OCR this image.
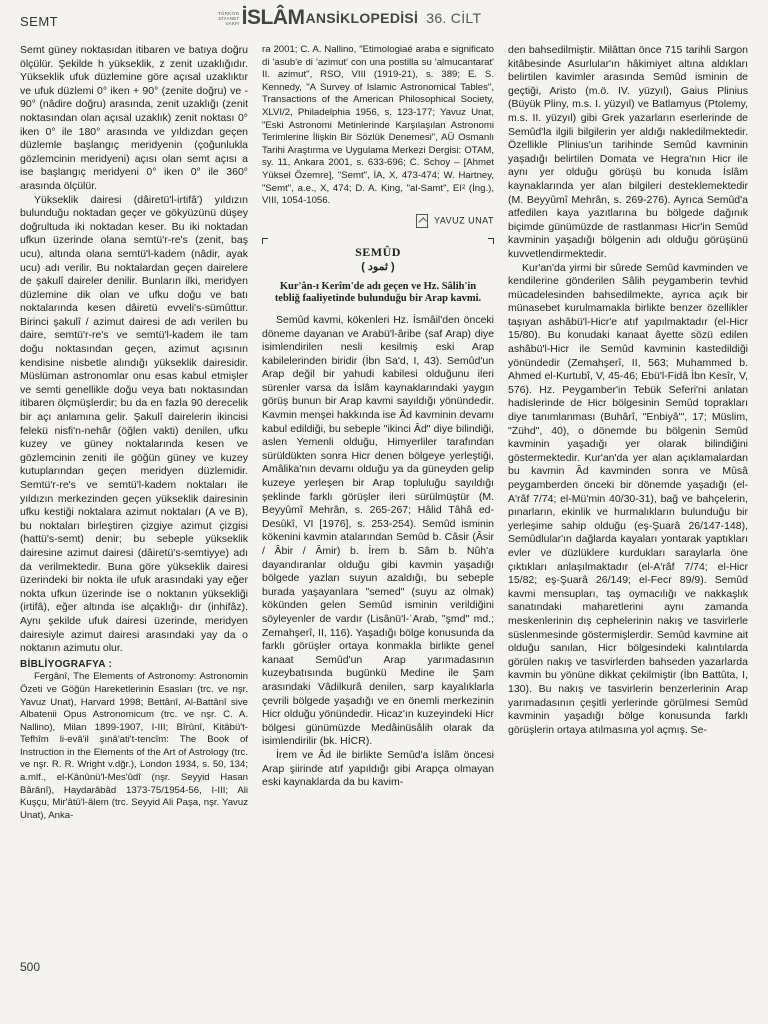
SEMT
TÜRKİYE
DİYANET
VAKFI İSLÂM ANSİKLOPEDİSİ 36. CİLT

Semt güney noktasıdan itibaren ve batıya doğru ölçülür. Şekilde h yükseklik, z zenit uzaklığıdır. Yükseklik ufuk düzlemine göre açısal uzaklıktır ve ufuk düzlemi 0° iken + 90° (zenite doğru) ve - 90° (nâdire doğru) arasında, zenit uzaklığı (zenit noktasından olan açısal uzaklık) zenit noktası 0° iken 0° ile 180° arasında ve yıldızdan geçen düzlemle başlangıç meridyenin (çoğunlukla gözlemcinin meridyeni) açısı olan semt açısı a ise başlangıç meridyeni 0° iken 0° ile 360° arasında ölçülür.

Yükseklik dairesi (dâiretü'l-irtifâ') yıldızın bulunduğu noktadan geçer ve gökyüzünü düşey doğrultuda iki noktadan keser. Bu iki noktadan ufkun üzerinde olana semtü'r-re's (zenit, baş ucu), altında olana semtü'l-kadem (nâdir, ayak ucu) adı verilir. Bu noktalardan geçen dairelere de şakulî daireler denilir. Bunların ilki, meridyen düzlemine dik olan ve ufku doğu ve batı noktalarında kesen dâiretü evveli's-sümûttur. Birinci şakulî / azimut dairesi de adı verilen bu daire, semtü'r-re's ve semtü'l-kadem ile tam doğu noktasından geçen, azimut açısının kendisine nisbetle alındığı yükseklik dairesidir. Müslüman astronomlar onu esas kabul etmişler ve semti genellikle doğu veya batı noktasından itibaren ölçmüşlerdir; bu da en fazla 90 derecelik bir açı anlamına gelir. Şakulî dairelerin ikincisi felekü nisfi'n-nehâr (öğlen vakti) denilen, ufku kuzey ve güney noktalarında kesen ve gözlemcinin zeniti ile göğün güney ve kuzey kutuplarından geçen meridyen düzlemidir. Semtü'r-re's ve semtü'l-kadem noktaları ile yıldızın merkezinden geçen yükseklik dairesinin ufku kestiği noktalara azimut noktaları (A ve B), bu noktaları birleştiren çizgiye azimut çizgisi (hattü's-semt) denir; bu sebeple yükseklik dairesine azimut dairesi (dâiretü's-semtiyye) adı da verilmektedir. Buna göre yükseklik dairesi üzerindeki bir nokta ile ufuk arasındaki yay eğer nokta ufkun üzerinde ise o noktanın yüksekliği (irtifâ), eğer altında ise alçaklığı- dır (inhifâz). Aynı şekilde ufuk dairesi üzerinde, meridyen dairesiyle azimut dairesi arasındaki yay da o noktanın azimutu olur.

BİBLİYOGRAFYA :

Fergânî, The Elements of Astronomy: Astronomin Özeti ve Göğün Hareketlerinin Esasları (trc. ve nşr. Yavuz Unat), Harvard 1998; Bettânî, Al-Battânî sive Albatenii Opus Astronomicum (trc. ve nşr. C. A. Nallino), Milan 1899-1907, I-III; Bîrûnî, Kitâbü't-Tefhîm li-evâ'il şınâ'ati't-tencîm: The Book of Instruction in the Elements of the Art of Astrology (trc. ve nşr. R. R. Wright v.dğr.), London 1934, s. 50, 134; a.mlf., el-Kânûnü'l-Mes'ûdî (nşr. Seyyid Hasan Bârânî), Haydarâbâd 1373-75/1954-56, I-III; Ali Kuşçu, Mir'âtü'l-âlem (trc. Seyyid Ali Paşa, nşr. Yavuz Unat), Anka-

ra 2001; C. A. Nallino, "Etimologiaé araba e significato di 'asub'e di 'azimut' con una postilla su 'almucantarat' II. azimut", RSO, VIII (1919-21), s. 389; E. S. Kennedy, "A Survey of Islamic Astronomical Tables", Transactions of the American Philosophical Society, XLVI/2, Philadelphia 1956, s. 123-177; Yavuz Unat, "Eski Astronomi Metinlerinde Karşılaşılan Astronomi Terimlerine İlişkin Bir Sözlük Denemesi", AÜ Osmanlı Tarihi Araştırma ve Uygulama Merkezi Dergisi: OTAM, sy. 11, Ankara 2001, s. 633-696; C. Schoy – [Ahmet Yüksel Özemre], "Semt", İA, X, 473-474; W. Hartney, "Semt", a.e., X, 474; D. A. King, "al-Samt", EI² (İng.), VIII, 1054-1056.

YAVUZ UNAT
SEMÛD
( ثمود )
Kur'ân-ı Kerîm'de adı geçen ve Hz. Sâlih'in tebliğ faaliyetinde bulunduğu bir Arap kavmi.

Semûd kavmi, kökenleri Hz. İsmâil'den önceki döneme dayanan ve Arabü'l-âribe (saf Arap) diye isimlendirilen nesli kesilmiş eski Arap kabilelerinden biridir (İbn Sa'd, I, 43). Semûd'un Arap değil bir yahudi kabilesi olduğunu ileri sürenler varsa da İslâm kaynaklarındaki yaygın görüş bunun bir Arap kavmi sayıldığı yönündedir. Kavmin menşei hakkında ise Âd kavminin devamı kabul edildiği, bu sebeple "ikinci Âd" diye bilindiği, aslen Yemenli olduğu, Himyerliler tarafından sürüldükten sonra Hicr denen bölgeye yerleştiği, Amâlika'nın devamı olduğu ya da güneyden gelip kuzeye yerleşen bir Arap topluluğu sayıldığı şeklinde farklı görüşler ileri sürülmüştür (M. Beyyûmî Mehrân, s. 265-267; Hâlid Tâhâ ed-Desûkî, VI [1976], s. 253-254). Semûd isminin kökenini kavmin atalarından Semûd b. Câsir (Âsir / Âbir / Âmir) b. İrem b. Sâm b. Nûh'a dayandıranlar olduğu gibi kavmin yaşadığı bölgede yazları suyun azaldığı, bu sebeple burada yaşayanlara "semed" (suyu az olmak) kökünden gelen Semûd isminin verildiğini söyleyenler de vardır (Lisânü'l-ʿArab, "şmd" md.; Zemahşerî, II, 116). Yaşadığı bölge konusunda da farklı görüşler ortaya konmakla birlikte genel kanaat Semûd'un Arap yarımadasının kuzeybatısında bugünkü Medine ile Şam arasındaki Vâdilkurâ denilen, sarp kayalıklarla çevrili bölgede yaşadığı ve en önemli merkezinin Hicr olduğu yönündedir. Hicaz'ın kuzeyindeki Hicr bölgesi günümüzde Medâinüsâlih olarak da isimlendirilir (bk. HİCR).

İrem ve Âd ile birlikte Semûd'a İslâm öncesi Arap şiirinde atıf yapıldığı gibi Arapça olmayan eski kaynaklarda da bu kavim-

den bahsedilmiştir. Milâttan önce 715 tarihli Sargon kitâbesinde Asurlular'ın hâkimiyet altına aldıkları belirtilen kavimler arasında Semûd isminin de geçtiği, Aristo (m.ö. IV. yüzyıl), Gaius Plinius (Büyük Pliny, m.s. I. yüzyıl) ve Batlamyus (Ptolemy, m.s. II. yüzyıl) gibi Grek yazarların eserlerinde de Semûd'la ilgili bilgilerin yer aldığı nakledilmektedir. Özellikle Plinius'un tarihinde Semûd kavminin yaşadığı belirtilen Domata ve Hegra'nın Hicr ile aynı yer olduğu görüşü bu konuda İslâm kaynaklarında yer alan bilgileri desteklemektedir (M. Beyyûmî Mehrân, s. 269-276). Ayrıca Semûd'a atfedilen kaya yazıtlarına bu bölgede dağınık biçimde günümüzde de rastlanması Hicr'in Semûd kavminin yaşadığı bölgenin adı olduğu görüşünü kuvvetlendirmektedir.

Kur'an'da yirmi bir sûrede Semûd kavminden ve kendilerine gönderilen Sâlih peygamberin tevhid mücadelesinden bahsedilmekte, ayrıca açık bir münasebet kurulmamakla birlikte benzer özellikler taşıyan ashâbü'l-Hicr'e atıf yapılmaktadır (el-Hicr 15/80). Bu konudaki kanaat âyette sözü edilen ashâbü'l-Hicr ile Semûd kavminin kastedildiği yönündedir (Zemahşerî, II, 563; Muhammed b. Ahmed el-Kurtubî, V, 45-46; Ebü'l-Fidâ İbn Kesîr, V, 576). Hz. Peygamber'in Tebük Seferi'ni anlatan hadislerinde de Hicr bölgesinin Semûd toprakları diye tanımlanması (Buhârî, "Enbiyâ'", 17; Müslim, "Zühd", 40), o dönemde bu bölgenin Semûd kavminin yaşadığı yer olarak bilindiğini göstermektedir. Kur'an'da yer alan açıklamalardan bu kavmin Âd kavminden sonra ve Mûsâ peygamberden önceki bir dönemde yaşadığı (el-A'râf 7/74; el-Mü'min 40/30-31), bağ ve bahçelerin, pınarların, ekinlik ve hurmalıkların bulunduğu bir yerleşime sahip olduğu (eş-Şuarâ 26/147-148), Semûdlular'ın dağlarda kayaları yontarak yaptıkları evler ve düzlüklere kurdukları saraylarla öne çıktıkları anlaşılmaktadır (el-A'râf 7/74; el-Hicr 15/82; eş-Şuarâ 26/149; el-Fecr 89/9). Semûd kavmi mensupları, taş oymacılığı ve nakkaşlık sanatındaki maharetlerini aynı zamanda meskenlerinin dış cephelerinin nakış ve tasvirlerle süslenmesinde göstermişlerdir. Semûd kavmine ait olduğu sanılan, Hicr bölgesindeki kalıntılarda görülen nakış ve tasvirlerden bahseden yazarlarda kavmin bu yönüne dikkat çekilmiştir (İbn Battûta, I, 130). Bu nakış ve tasvirlerin benzerlerinin Arap yarımadasının çeşitli yerlerinde görülmesi Semûd kavminin yaşadığı bölge konusunda farklı görüşlerin ortaya atılmasına yol açmış. Se-

500
